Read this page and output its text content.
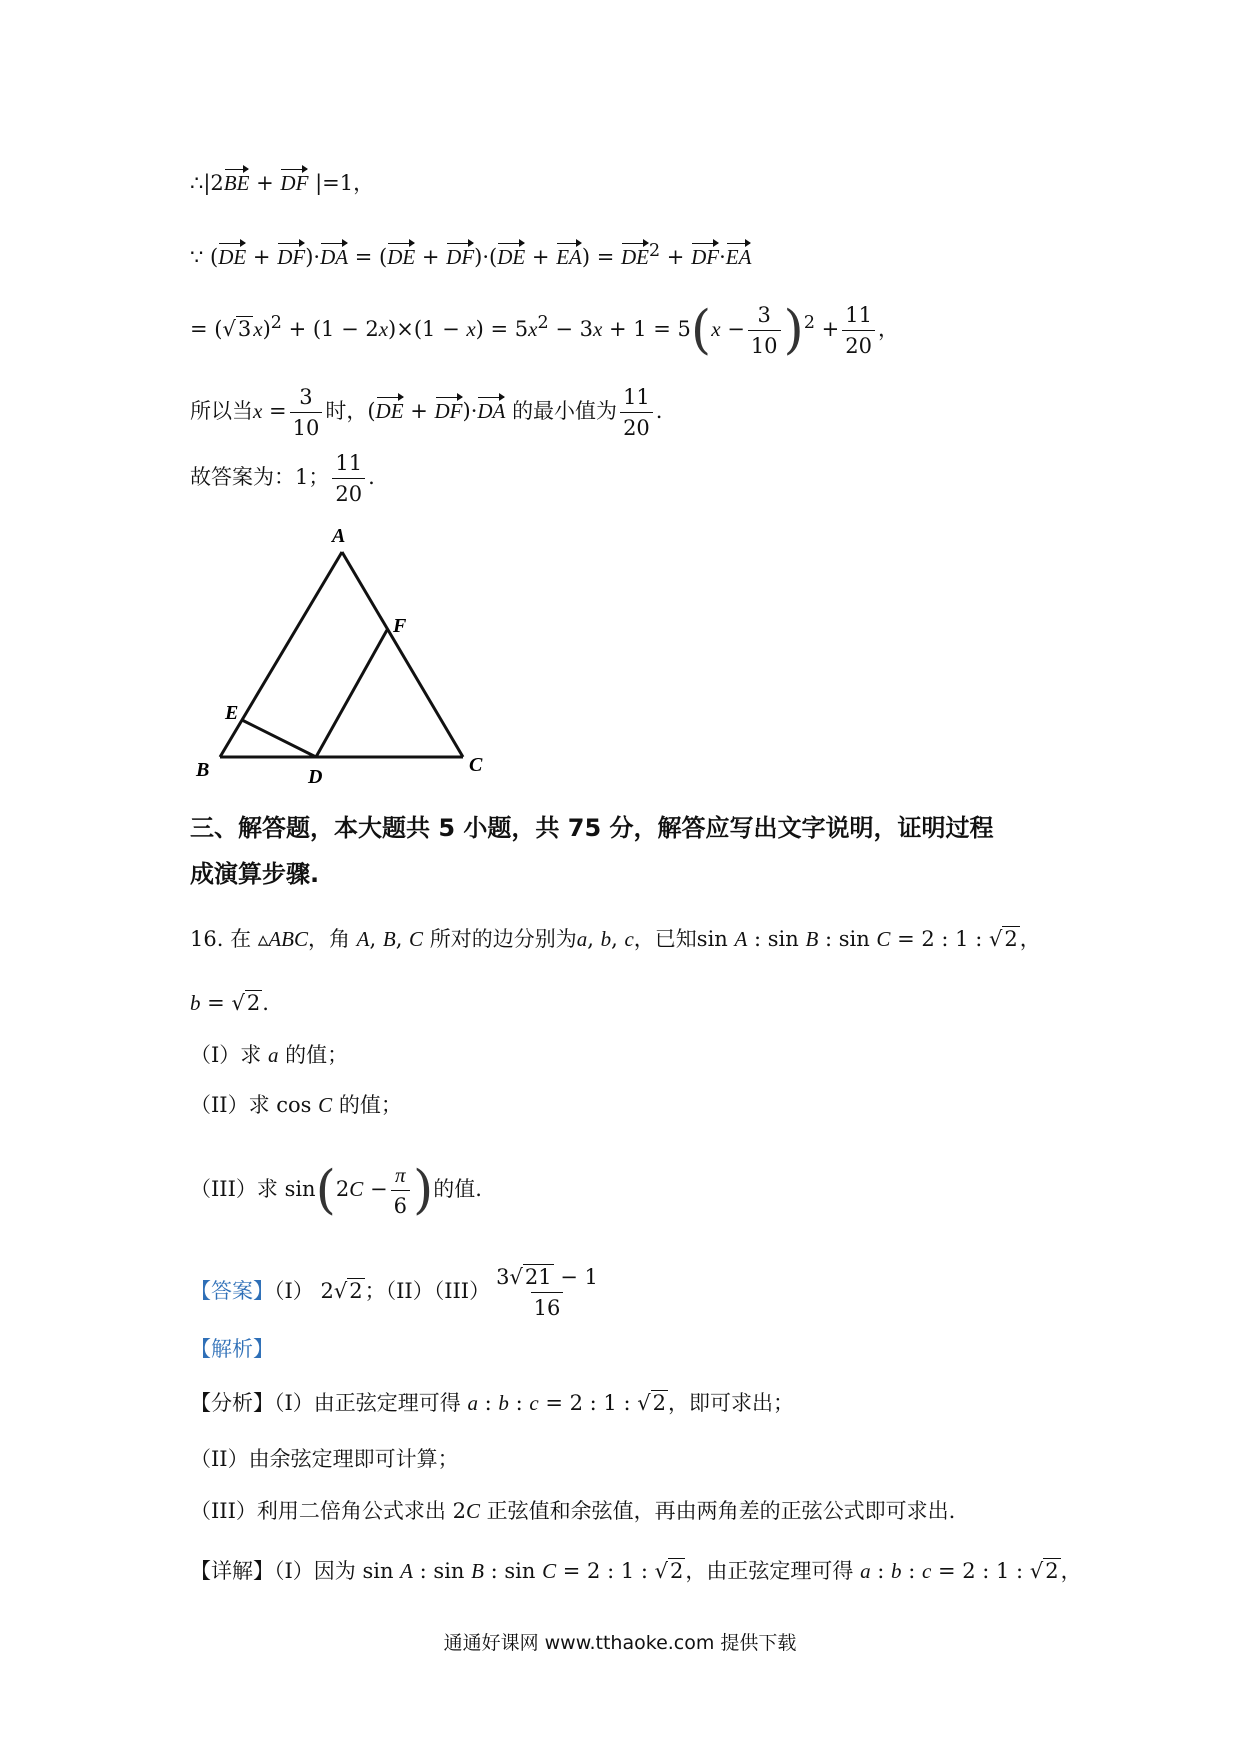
∴|2BE + DF |=1，
∵ $(DE + DF)\cdot DA = (DE + DF)\cdot(DE + EA) = DE^2 + DF\cdot EA$
= $(√3x)^2 + (1 - 2x)\times(1 - x) = 5x^2 - 3x + 1 = 5(x - \frac{3}{10} )^2 + \frac{11}{20}$ ，
所以当$x = \frac{3}{10}$ 时，(DE + DF)·DA 的最小值为 $\frac{11}{20}$ .
故答案为：1； $\frac{11}{20}$ .
A
B	C
D
E
F
三、解答题，本大题共 5 小题，共 75 分，解答应写出文字说明，证明过程
成演算步骤.
16. 在 ▵ABC，角 A, B, C 所对的边分别为a, b, c，已知sin A : sin B : sin C = 2 : 1 : √2，
b = √2.
（I）求 a 的值；
（II）求 cos C 的值；
（III）求 $\sin(2C - \frac{\pi}{6}$ )的值.
【答案】（I） 2√2；$(II)(III) \frac{3√21 - 1}{16}$
【解析】
【分析】（I）由正弦定理可得 a : b : c = 2 : 1 : √2，即可求出；
（II）由余弦定理即可计算；
（III）利用二倍角公式求出 2C 正弦值和余弦值，再由两角差的正弦公式即可求出.
【详解】（I）因为 sin A : sin B : sin C = 2 : 1 : √2，由正弦定理可得 a : b : c = 2 : 1 : √2，
通通好课网 www.tthaoke.com 提供下载
